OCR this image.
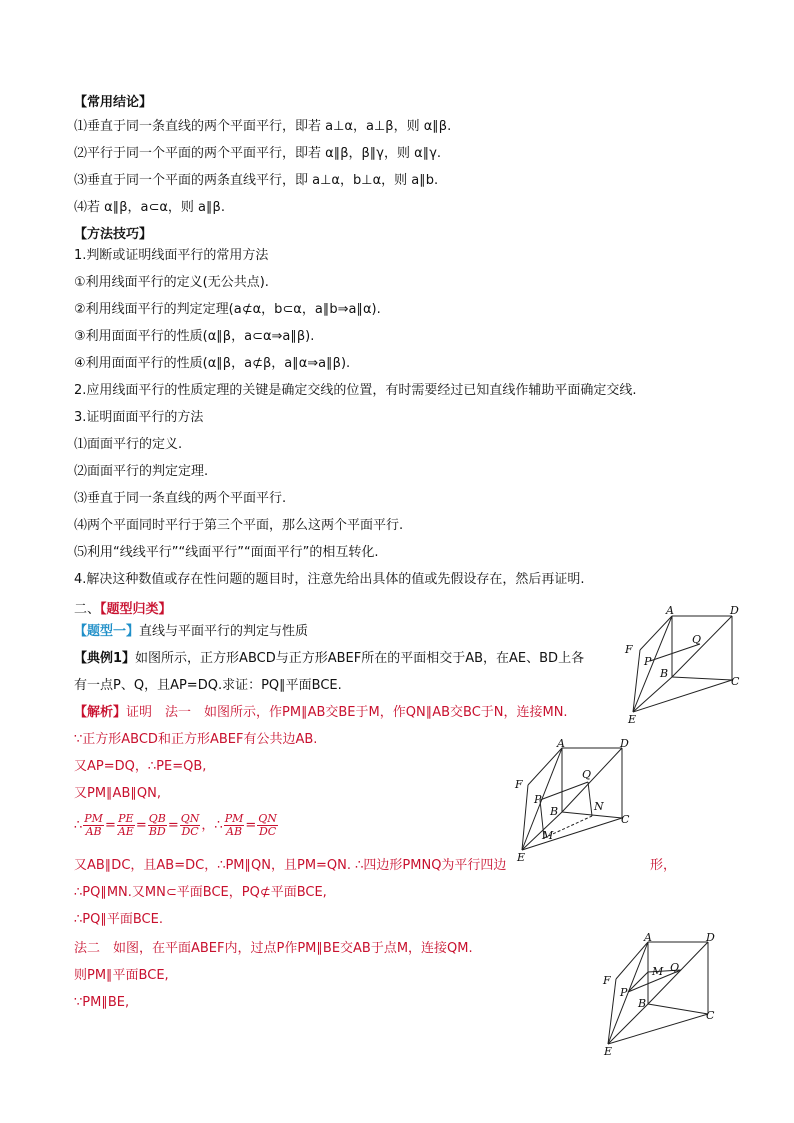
【常用结论】
⑴垂直于同一条直线的两个平面平行，即若 a⊥α，a⊥β，则 α∥β.
⑵平行于同一个平面的两个平面平行，即若 α∥β，β∥γ，则 α∥γ.
⑶垂直于同一个平面的两条直线平行，即 a⊥α，b⊥α，则 a∥b.
⑷若 α∥β，a⊂α，则 a∥β.
【方法技巧】
1.判断或证明线面平行的常用方法
①利用线面平行的定义(无公共点).
②利用线面平行的判定定理(a⊄α，b⊂α，a∥b⇒a∥α).
③利用面面平行的性质(α∥β，a⊂α⇒a∥β).
④利用面面平行的性质(α∥β，a⊄β，a∥α⇒a∥β).
2.应用线面平行的性质定理的关键是确定交线的位置，有时需要经过已知直线作辅助平面确定交线.
3.证明面面平行的方法
⑴面面平行的定义.
⑵面面平行的判定定理.
⑶垂直于同一条直线的两个平面平行.
⑷两个平面同时平行于第三个平面，那么这两个平面平行.
⑸利用“线线平行”“线面平行”“面面平行”的相互转化.
4.解决这种数值或存在性问题的题目时，注意先给出具体的值或先假设存在，然后再证明.
二、【题型归类】
【题型一】直线与平面平行的判定与性质
【典例1】如图所示，正方形ABCD与正方形ABEF所在的平面相交于AB，在AE、BD上各
有一点P、Q，且AP=DQ.求证：PQ∥平面BCE.
【解析】证明　法一　如图所示，作PM∥AB交BE于M，作QN∥AB交BC于N，连接MN.
∵正方形ABCD和正方形ABEF有公共边AB.
又AP=DQ，∴PE=QB,
又PM∥AB∥QN,
∴ $\frac{PM}{AB} = \frac{PE}{AE} = \frac{QB}{BD} = \frac{QN}{DC}$ ，∴ $\frac{PM}{AB} = \frac{QN}{DC}$
又AB∥DC，且AB=DC，∴PM∥QN，且PM=QN. ∴四边形PMNQ为平行四边	形，
∴PQ∥MN.又MN⊂平面BCE，PQ⊄平面BCE,
∴PQ∥平面BCE.
法二　如图，在平面ABEF内，过点P作PM∥BE交AB于点M，连接QM.
则PM∥平面BCE,
∵PM∥BE,
A	D
F
Q
P
B
C
E
A	D
F
Q
P
B	N
C
M
E
A	D
F
M Q
P
B
C
E
